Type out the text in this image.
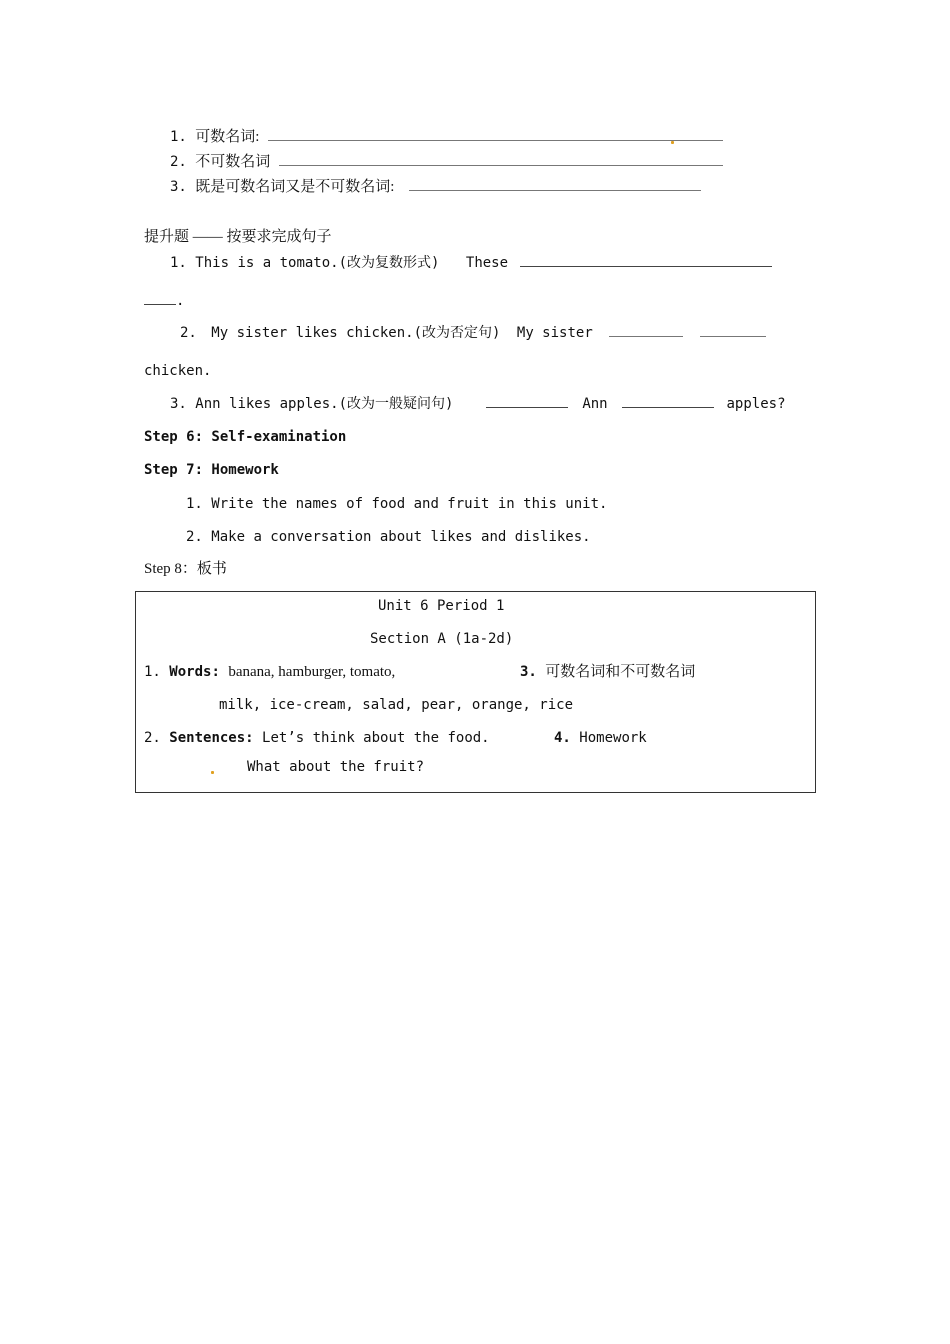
1. 可数名词:
2. 不可数名词
3. 既是可数名词又是不可数名词:
提升题 —— 按要求完成句子
1. This is a tomato.(改为复数形式) These
.
2. My sister likes chicken.(改为否定句) My sister
chicken.
3. Ann likes apples.(改为一般疑问句)	Ann	apples?
Step 6: Self-examination
Step 7: Homework
1. Write the names of food and fruit in this unit.
2. Make a conversation about likes and dislikes.
Step 8：板书
Unit 6 Period 1
Section A (1a-2d)
1. Words: banana, hamburger, tomato,	3. 可数名词和不可数名词
milk, ice-cream, salad, pear, orange, rice
2. Sentences: Let’s think about the food.	4. Homework
What about the fruit?
